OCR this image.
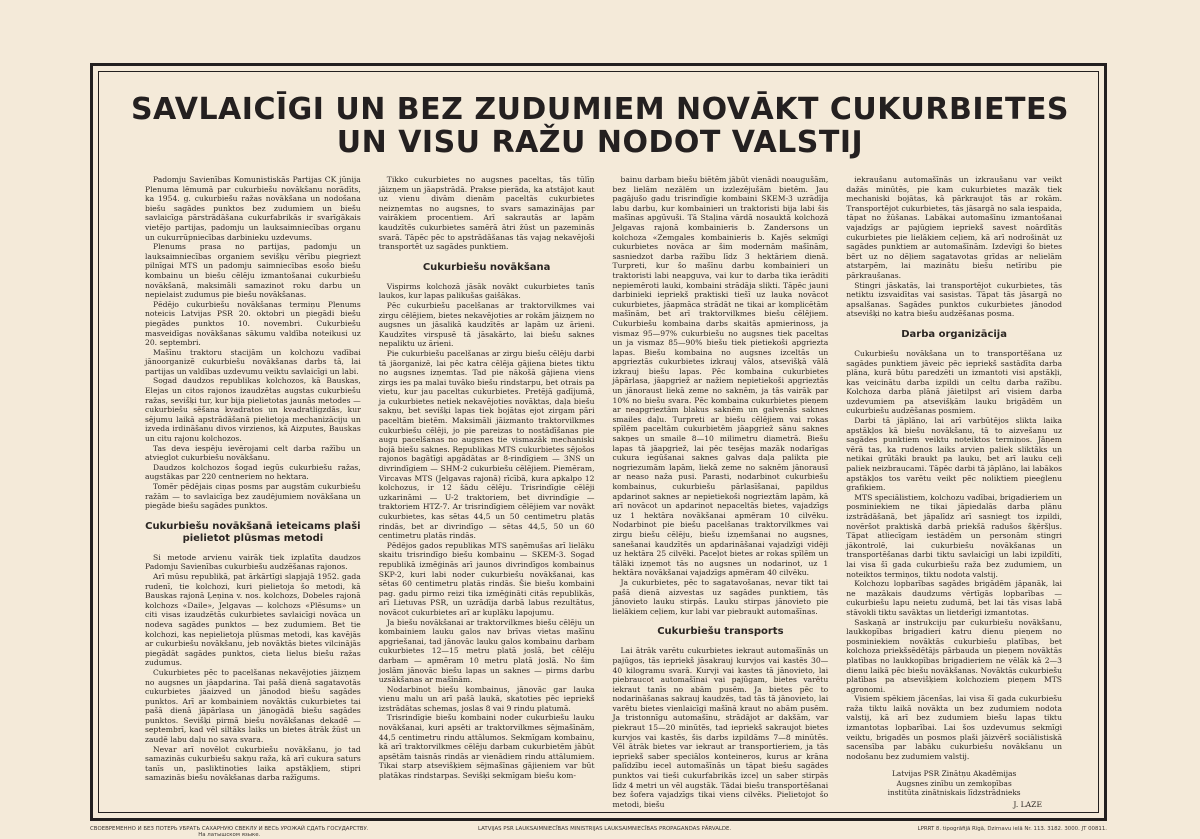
SAVLAICĪGI UN BEZ ZUDUMIEM NOVĀKT CUKURBIETES
UN VISU RAŽU NODOT VALSTIJ

Padomju Savienības Komunistiskās Partijas CK jūnija Plenuma lēmumā par cukurbiešu novākšanu norādīts, ka 1954. g. cukurbiešu ražas novākšana un nodošana biešu sagādes punktos bez zudumiem un biešu savlaicīga pārstrādāšana cukurfabrikās ir svarīgākais vietējo partijas, padomju un lauksaimniecības organu un cukurrūpniecības darbinieku uzdevums.

Plenums prasa no partijas, padomju un lauksaimniecības organiem sevišķu vērību piegriezt pilnīgai MTS un padomju saimniecības esošo biešu kombainu un biešu cēlēju izmantošanai cukurbiešu novākšanā, maksimāli samazinot roku darbu un nepielaist zudumus pie biešu novākšanas.

Pēdējo cukurbiešu novākšanas termiņu Plenums noteicis Latvijas PSR 20. oktobri un piegādi biešu piegādes punktos 10. novembri. Cukurbiešu masveidīgas novākšanas sākumu valdība noteikusi uz 20. septembri.

Mašīnu traktoru stacijām un kolchozu vadībai jānoorganizē cukurbiešu novākšanas darbs tā, lai partijas un valdības uzdevumu veiktu savlaicīgi un labi.

Sogad daudzos republikas kolchozos, kā Bauskas, Elejas un citos rajonos izaudzētas augstas cukurbiešu ražas, sevišķi tur, kur bija pielietotas jaunās metodes — cukurbiešu sēšana kvadratos un kvadratligzdās, kur sējumu laikā apstrādāšanā pielietoja mechanizāciju un izveda irdināšanu divos virzienos, kā Aizputes, Bauskas un citu rajonu kolchozos.

Tas deva iespēju ievērojami celt darba ražību un atvieglot cukurbiešu novākšanu.

Daudzos kolchozos šogad iegūs cukurbiešu ražas, augstākas par 220 centneriem no hektara.

Tomēr pēdējais ciņas posms par augstām cukurbiešu ražām — to savlaicīga bez zaudējumiem novākšana un piegāde biešu sagādes punktos.

Cukurbiešu novākšanā ieteicams plaši pielietot plūsmas metodi

Si metode arvienu vairāk tiek izplatīta daudzos Padomju Savienības cukurbiešu audzēšanas rajonos.

Arī mūsu republikā, pat ārkārtīgi slapjajā 1952. gada rudenī, tie kolchozi, kuri pielietoja šo metodi, kā Bauskas rajonā Ļeņina v. nos. kolchozs, Dobeles rajonā kolchozs «Daile», Jelgavas — kolchozs «Plēsums» un citi visas izaudzētās cukurbietes savlaicīgi novāca un nodeva sagādes punktos — bez zudumiem. Bet tie kolchozi, kas nepielietoja plūsmas metodi, kas kavējās ar cukurbiešu novākšanu, jeb novāktās bietes vilcinājās piegādāt sagādes punktos, cieta lielus biešu ražas zudumus.

Cukurbietes pēc to pacelšanas nekavējoties jāizņem no augsnes un jāapdarina. Tai pašā dienā sagatavotās cukurbietes jāaizved un jānodod biešu sagādes punktos. Arī ar kombainiem novāktās cukurbietes tai pašā dienā jāpārlasa un jānogādā biešu sagādes punktos. Sevišķi pirmā biešu novākšanas dekadē — septembrī, kad vēl siltāks laiks un bietes ātrāk žūst un zaudē labu daļu no sava svara.

Nevar arī novēlot cukurbiešu novākšanu, jo tad samazinās cukurbiešu sakņu raža, kā arī cukura saturs tanīs un, pasliktinoties laika apstākļiem, stipri samazinās biešu novākšanas darba ražīgums.

Tikko cukurbietes no augsnes paceltas, tās tūlīņ jāizņem un jāapstrādā. Prakse pierāda, ka atstājot kaut uz vienu divām dienām paceltās cukurbietes neizņemtas no augsnes, to svars samazinājas par vairākiem procentiem. Arī sakrautās ar lapām kaudzītēs cukurbietes samērā ātri žūst un pazeminās svarā. Tāpēc pēc to apstrādāšanas tās vajag nekavējoši transportēt uz sagādes punktiem.

Cukurbiešu novākšana

Vispirms kolchozā jāsāk novākt cukurbietes tanīs laukos, kur lapas palikušas gaišākas.

Pēc cukurbiešu pacelšanas ar traktorvilkmes vai zirgu cēlējiem, bietes nekavējoties ar rokām jāizņem no augsnes un jāsalikā kaudzītēs ar lapām uz ārieni. Kaudzītes virspusē tā jāsakārto, lai biešu saknes nepaliktu uz ārieni.

Pie cukurbiešu pacelšanas ar zirgu biešu cēlēju darbi tā jāorganizē, lai pēc katra cēlēja gājiena bietes tiktu no augsnes izņemtas. Tad pie nākošā gājiena viens zirgs ies pa malai tuvāko biešu rindstarpu, bet otrais pa vietu, kur jau paceltas cukurbietes. Pretējā gadījumā, ja cukurbietes netiek nekavējoties novāktas, daļa biešu sakņu, bet sevišķi lapas tiek bojātas ejot zirgam pāri paceltām bietēm. Maksimāli jāizmanto traktorvilkmes cukurbiešu cēlēji, jo pie pareizas to nostādīšanas pie augu pacelšanas no augsnes tie vismazāk mechaniski bojā biešu saknes. Republikas MTS cukurbietes sējošos rajonos bagātīgi apgādātas ar 8-rindīgiem — 3NS un divrindīgiem — SHM-2 cukurbiešu cēlējiem. Piemēram, Vircavas MTS (Jelgavas rajonā) rīcībā, kura apkalpo 12 kolchozus, ir 12 šādu cēlēju. Trisrindīgie cēlēji uzkarināmi — U-2 traktoriem, bet divrindīgie — traktoriem HTZ-7. Ar trisrindīgiem cēlējiem var novākt cukurbietes, kas sētas 44,5 un 50 centimetru platās rindās, bet ar divrindīgo — sētas 44,5, 50 un 60 centimetru platās rindās.

Pēdējos gados republikas MTS saņēmušas arī lielāku skaitu trisrindīgo biešu kombainu — SKEM-3. Sogad republikā izmēģinās arī jaunos divrindīgos kombainus SKP-2, kuri labi noder cukurbiešu novākšanai, kas sētas 60 centimetru platās rindās. Šie biešu kombaini pag. gadu pirmo reizi tika izmēģināti citās republikās, arī Lietuvas PSR, un uzrādīja darbā labus rezultātus, novācot cukurbietes arī ar kuplāku lapojumu.

Ja biešu novākšanai ar traktorvilkmes biešu cēlēju un kombainiem lauku galos nav brīvas vietas mašīnu apgriešanai, tad jānovāc lauku galos kombainu darbam cukurbietes 12—15 metru platā joslā, bet cēlēju darbam — apmēram 10 metru platā joslā. No šim joslām jānovāc biešu lapas un saknes — pirms darbu uzsākšanas ar mašīnām.

Nodarbinot biešu kombainus, jānovāc gar lauka vienu malu un arī pašā laukā, skatoties pēc iepriekš izstrādātas schemas, joslas 8 vai 9 rindu platumā.

Trisrindīgie biešu kombaini noder cukurbiešu lauku novākšanai, kuri apsēti ar traktorvilkmes sējmašīnām, 44,5 centimetru rindu attālumos. Sekmīgam kombainu, kā arī traktorvilkmes cēlēju darbam cukurbietēm jābūt apsētām taisnās rindās ar vienādiem rindu attālumiem. Tikai starp atsevišķiem sējmašīnas gājieniem var būt platākas rindstarpas. Sevišķi sekmīgam biešu kom-

bainu darbam biešu biētēm jābūt vienādi noaugušām, bez lielām nezālēm un izzlezējušām bietēm. Jau pagājušo gadu trisrindīgie kombaini SKEM-3 uzrādīja labu darbu, kur kombainieri un traktoristi bija labi šis mašīnas apgūvuši. Tā Staļina vārdā nosauktā kolchozā Jelgavas rajonā kombainieris b. Zandersons un kolchoza «Zemgales kombainieris b. Kajēs sekmīgi cukurbietes novāca ar šim modernām mašīnām, sasniedzot darba ražību līdz 3 hektāriem dienā. Turpreti, kur šo mašīnu darbu kombainieri un traktoristi labi neapguva, vai kur to darba tika ierāditi nepiemēroti lauki, kombaini strādāja slikti. Tāpēc jauni darbinieki iepriekš praktiski tiešī uz lauka novācot cukurbietes, jāapmāca strādāt ne tikai ar komplicētām mašīnām, bet arī traktorvilkmes biešu cēlējiem. Cukurbiešu kombaina darbs skaitās apmierinoss, ja vismaz 95—97% cukurbiešu no augsnes tiek paceltas un ja vismaz 85—90% biešu tiek pietiekoši apgriezta lapas. Biešu kombaina no augsnes izceltās un apgrieztās cukurbietes izkrauj vālos, atsevišķā vālā izkrauj biešu lapas. Pēc kombaina cukurbietes jāpārlasa, jāapgriež ar nažiem nepietiekoši apgrieztās un jānoraust liekā zeme no saknēm, ja tās vairāk par 10% no biešu svara. Pēc kombaina cukurbietes pieņem ar neapgrieztām blakus saknēm un galvenās saknes smailes daļu. Turpreti ar biešu cēlējiem vai rokas spīlēm paceltām cukurbietēm jāapgriež sānu saknes sakņes un smaile 8—10 milimetru diametrā. Biešu lapas tā jāapgriež, lai pēc tesējas mazāk nodarīgas cukura iegūšanai saknes galvas daļa palikta pie nogriezumām lapām, liekā zeme no saknēm jānorausī ar neaso naža pusi. Parasti, nodarbinot cukurbiešu kombainus, cukurbiešu pārlasīšanai, papildus apdarinot saknes ar nepietiekoši nogrieztām lapām, kā arī novācot un apdarinot nepaceltās bietes, vajadzīgs uz 1 hektāra novākšanai apmēram 10 cilvēku. Nodarbinot pie biešu pacelšanas traktorvilkmes vai zirgu biešu cēlēju, biešu izņemšanai no augsnes, sanešanai kaudzītēs un apdarināšanai vajadzīgi vidēji uz hektāra 25 cilvēki. Paceļot bietes ar rokas spīlēm un tālāki izņemot tās no augsnes un nodarinot, uz 1 hektāra novākšanai vajadzīgs apmēram 40 cilvēku.

Ja cukurbietes, pēc to sagatavošanas, nevar tikt tai pašā dienā aizvestas uz sagādes punktiem, tās jānovieto lauku stirpās. Lauku stirpas jānovieto pie lielākiem ceļiem, kur labi var piebraukt automašīnas.

Cukurbiešu transports

Lai ātrāk varētu cukurbietes iekraut automašīnās un pajūgos, tās iepriekš jāsakrauj kurvjos vai kastēs 30—40 kilogramu svarā. Kurvji vai kastes tā jānovieto, lai piebraucot automašīnai vai pajūgam, bietes varētu iekraut tanīs no abām pusēm. Ja bietes pēc to nodarināšanas sakrauj kaudzēs, tad tās tā jānovieto, lai varētu bietes vienlaicīgi mašīnā kraut no abām pusēm. Ja tristonnīgu automašīnu, strādājot ar dakšām, var piekraut 15—20 minūtēs, tad iepriekš sakraujot bietes kurvjos vai kastēs, šis darbs izpildāms 7—8 minūtēs. Vēl ātrāk bietes var iekraut ar transportieriem, ja tās iepriekš saber speciālos konteineros, kurus ar krāna palīdzību iecel automašīnās un tāpat biešu sagādes punktos vai tieši cukurfabrikās izceļ un saber stirpās līdz 4 metri un vēl augstāk. Tādai biešu transportēšanai bez šofera vajadzīgs tikai viens cilvēks. Pielietojot šo metodi, biešu

iekraušanu automašīnās un izkraušanu var veikt dažās minūtēs, pie kam cukurbietes mazāk tiek mechaniski bojātas, kā pārkraujot tās ar rokām. Transportējot cukurbietes, tās jāsargā no sala iespaida, tāpat no žūšanas. Labākai automašīnu izmantošanai vajadzīgs ar pajūgiem iepriekš savest noārdītās cukurbietes pie lielākiem ceļiem, kā arī nodrošināt uz sagādes punktiem ar automašīnām. Izdevīgi šo bietes bērt uz no dēļiem sagatavotas grīdas ar nelielām atstarpēm, lai mazinātu biešu netīribu pie pārkraušanas.

Stingri jāskatās, lai transportējot cukurbietes, tās netiktu izsvaidītas vai sasistas. Tāpat tās jāsargā no apsalšanas. Sagādes punktos cukurbietes jānodod atsevišķi no katra biešu audzēšanas posma.

Darba organizācija

Cukurbiešu novākšana un to transportēšana uz sagādes punktiem jāveic pēc iepriekš sastādīta darba plāna, kurā būtu paredzēti un izmantoti visi apstākļi, kas veicinātu darba izpildi un celtu darba ražību. Kolchoza darba plānā jāietilpst arī visiem darba uzdevumiem pa atsevišķām lauku brigādēm un cukurbiešu audzēšanas posmiem.

Darbi tā jāplāno, lai arī varbūtējos slikta laika apstākļos kā biešu novākšanu, tā to aizvešanu uz sagādes punktiem veiktu noteiktos termiņos. Jāņem vērā tas, ka rudenos laiks arvien paliek sliktāks un netikai grūtāki braukt pa lauku, bet arī lauku ceļi paliek neizbraucami. Tāpēc darbi tā jāplāno, lai labākos apstākļos tos varētu veikt pēc noliktiem pieeģlenu grafikiem.

MTS speciālistiem, kolchozu vadībai, brigadieriem un posminiekiem ne tikai jāpiedalās darba plānu izstrādāšanā, bet jāpalīdz arī sasniegt tos izpildi, novēršot praktiskā darbā priekšā radušos šķēršļus. Tāpat atliecīgam iestādēm un personām stingri jākontrolē, lai cukurbiešu novākšanas un transportēšanas darbi tiktu savlaicīgi un labi izpildīti, lai visa šī gada cukurbiešu raža bez zudumiem, un noteiktos termiņos, tiktu nodota valstij.

Kolchozu lopbarības sagādes brigādēm jāpanāk, lai ne mazākais daudzums vērtīgās lopbarības — cukurbiešu lapu neietu zudumā, bet lai tās visas labā stāvokli tiktu savāktas un lietderīgi izmantotas.

Saskaņā ar instrukciju par cukurbiešu novākšanu, laukkopības brigadieri katru dienu pieņem no posminiekiem novāktās cukurbiešu platības, bet kolchoza priekšsēdētājs pārbauda un pieņem novāktās platības no laukkopības brigadieriem ne vēlāk kā 2—3 dienu laikā pēc biešu novākšanas. Novāktās cukurbiešu platības pa atsevišķiem kolchoziem pieņem MTS agronomi.

Visiem spēkiem jācenšas, lai visa šī gada cukurbiešu raža tiktu laikā novākta un bez zudumiem nodota valstij, kā arī bez zudumiem biešu lapas tiktu izmantotas lopbarībai. Lai šos uzdevumus sekmīgi veiktu, brigadēs un posmos plaši jāizvērš sociālistiskā sacensība par labāku cukurbiešu novākšanu un nodošanu bez zudumiem valstij.

Latvijas PSR Zinātņu Akadēmijas
Augsnes zinību un zemkopības
institūta zinātniskais līdzstrādnieks
J. LAZE
СВОЕВРЕМЕННО И БЕЗ ПОТЕРЬ УБРАТЬ САХАРНУЮ СВЕКЛУ И ВЕСЬ УРОЖАЙ СДАТЬ ГОСУДАРСТВУ.
На латышском языке.
LATVIJAS PSR LAUKSAIMNIECĪBAS MINISTRIJAS LAUKSAIMNIECĪBAS PROPAGANDAS PĀRVALDE.	LPRRT 8. tipogrāfijā Rīgā, Dzirnavu ielā Nr. 113. 3182. 3000. JT 00811.
